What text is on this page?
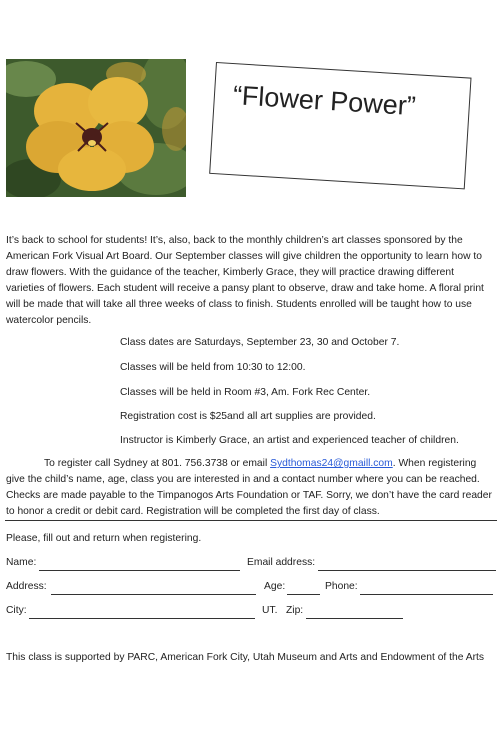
“Flower Power”

It’s back to school for students! It’s, also, back to the monthly children’s art classes sponsored by the American Fork Visual Art Board. Our September classes will give children the opportunity to learn how to draw flowers. With the guidance of the teacher, Kimberly Grace, they will practice drawing different varieties of flowers. Each student will receive a pansy plant to observe, draw and take home. A floral print will be made that will take all three weeks of class to finish. Students enrolled will be taught how to use watercolor pencils.

Class dates are Saturdays, September 23, 30 and October 7.

Classes will be held from 10:30 to 12:00.

Classes will be held in Room #3, Am. Fork Rec Center.

Registration cost is $25and all art supplies are provided.

Instructor is Kimberly Grace, an artist and experienced teacher of children.

To register call Sydney at 801. 756.3738 or email Sydthomas24@gmaill.com. When registering give the child’s name, age, class you are interested in and a contact number where you can be reached. Checks are made payable to the Timpanogos Arts Foundation or TAF. Sorry, we don’t have the card reader to honor a credit or debit card. Registration will be completed the first day of class.

Please, fill out and return when registering.

Name:	Email address:
Address:	Age:	Phone:
City:	UT. Zip:

This class is supported by PARC, American Fork City, Utah Museum and Arts and Endowment of the Arts
